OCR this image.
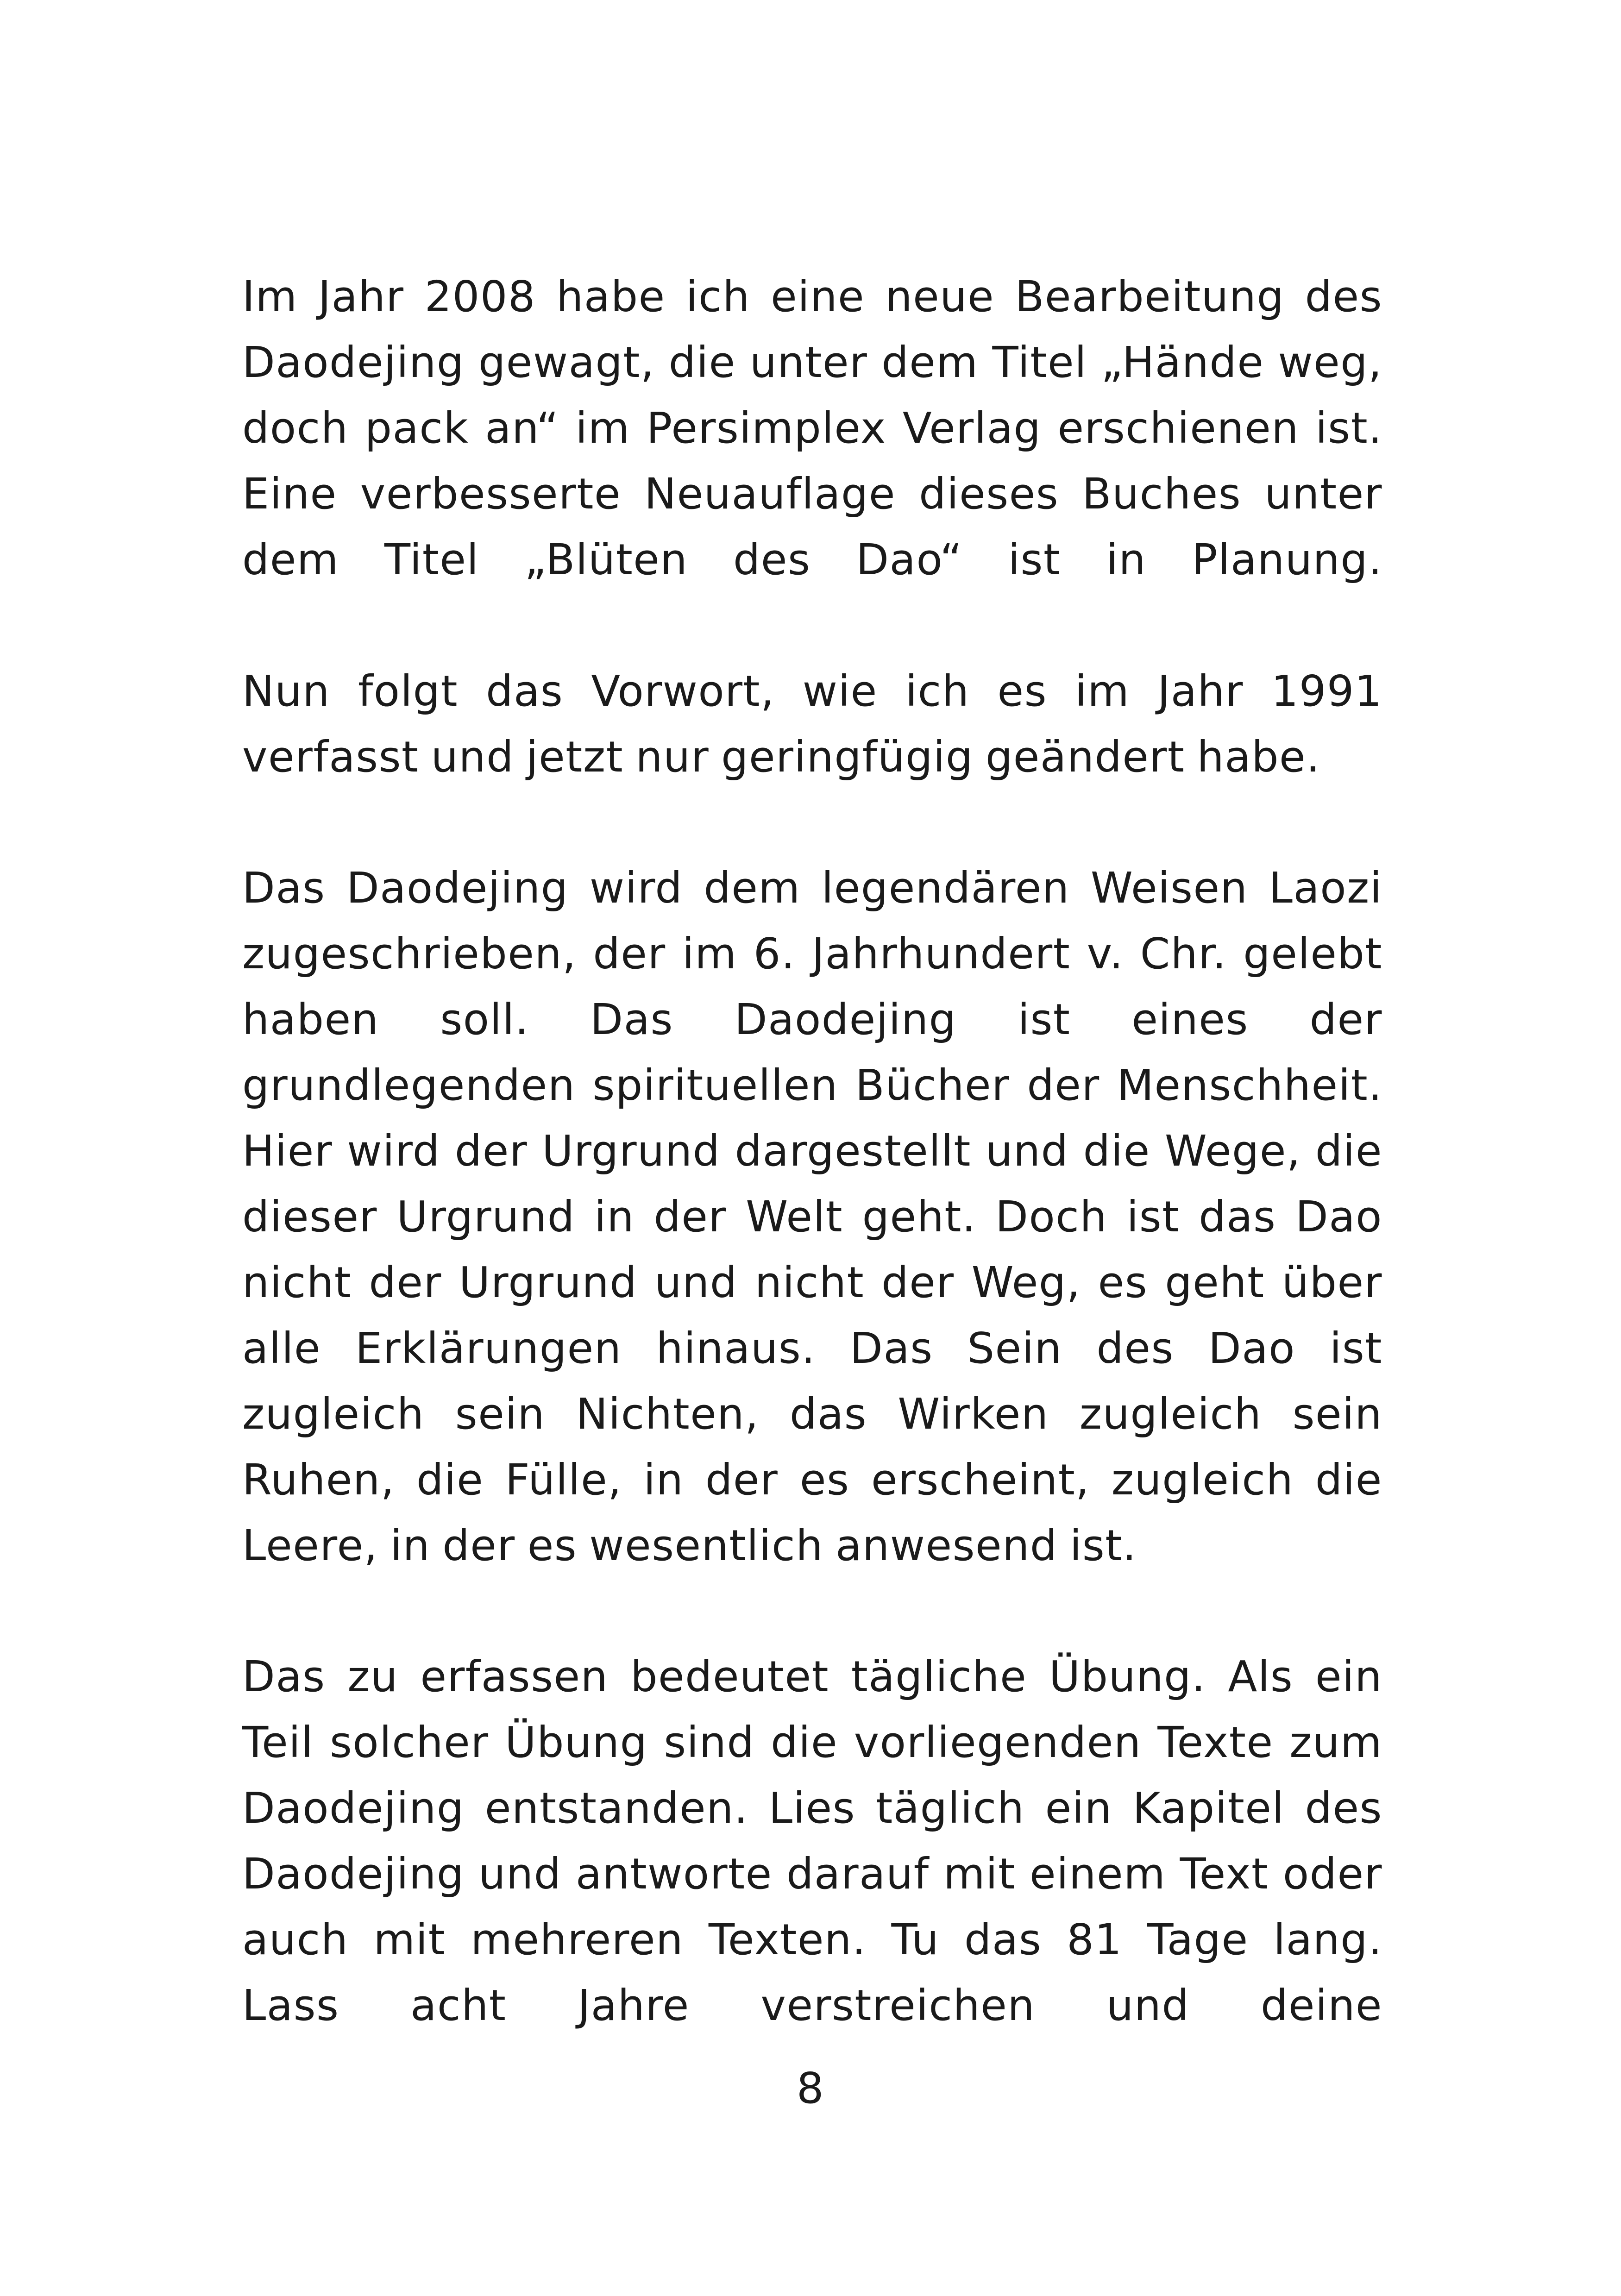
Im Jahr 2008 habe ich eine neue Bearbeitung des
Daodejing gewagt, die unter dem Titel „Hände weg,
doch pack an“ im Persimplex Verlag erschienen ist.
Eine verbesserte Neuauflage dieses Buches unter
dem Titel „Blüten des Dao“ ist in Planung.
Nun folgt das Vorwort, wie ich es im Jahr 1991
verfasst und jetzt nur geringfügig geändert habe.
Das Daodejing wird dem legendären Weisen Laozi
zugeschrieben, der im 6. Jahrhundert v. Chr. gelebt
haben soll. Das Daodejing ist eines der
grundlegenden spirituellen Bücher der Menschheit.
Hier wird der Urgrund dargestellt und die Wege, die
dieser Urgrund in der Welt geht. Doch ist das Dao
nicht der Urgrund und nicht der Weg, es geht über
alle Erklärungen hinaus. Das Sein des Dao ist
zugleich sein Nichten, das Wirken zugleich sein
Ruhen, die Fülle, in der es erscheint, zugleich die
Leere, in der es wesentlich anwesend ist.
Das zu erfassen bedeutet tägliche Übung. Als ein
Teil solcher Übung sind die vorliegenden Texte zum
Daodejing entstanden. Lies täglich ein Kapitel des
Daodejing und antworte darauf mit einem Text oder
auch mit mehreren Texten. Tu das 81 Tage lang.
Lass acht Jahre verstreichen und deine
8
